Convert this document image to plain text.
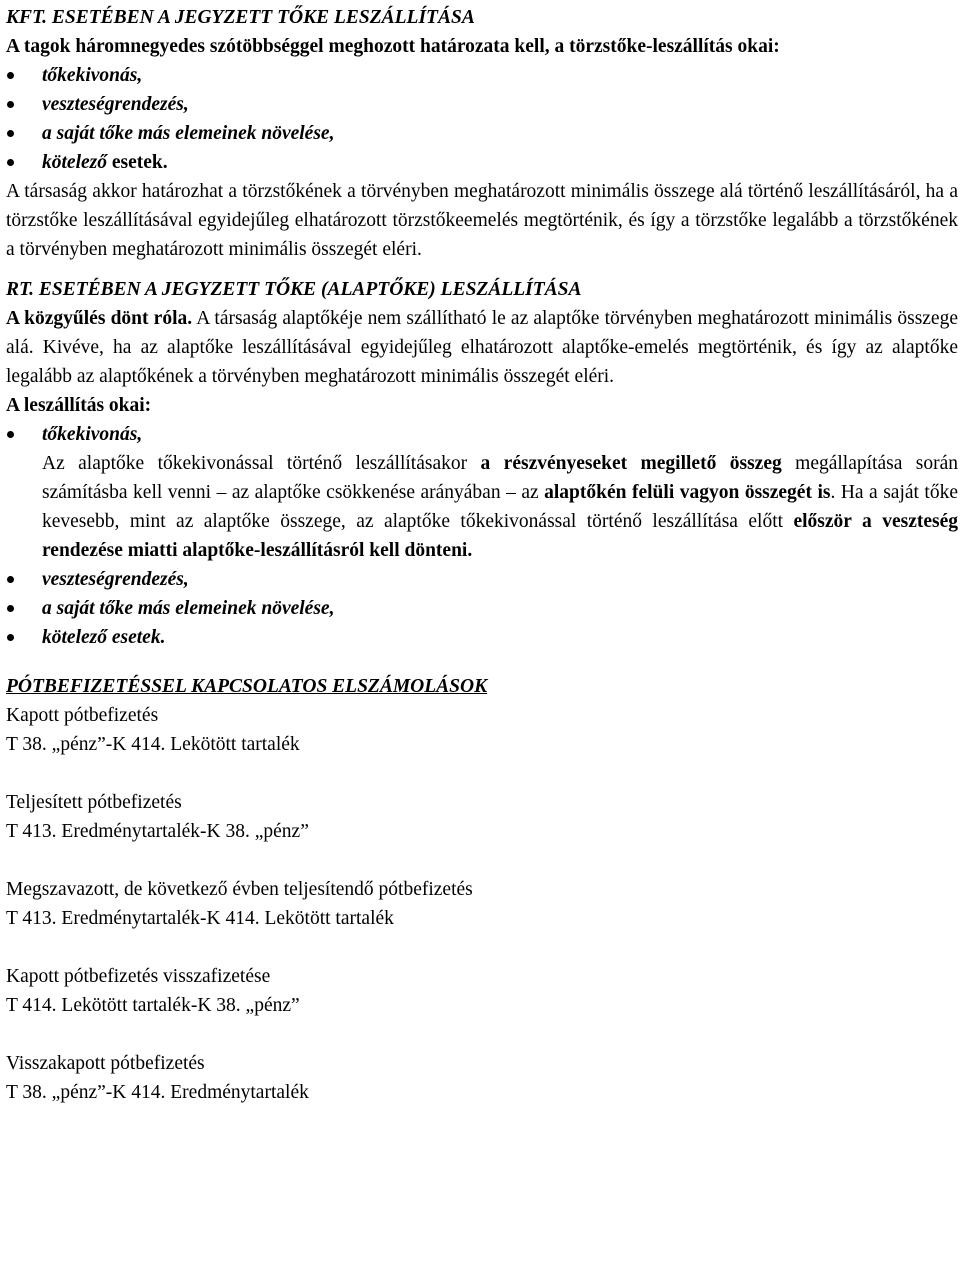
KFT. ESETÉBEN A JEGYZETT TŐKE LESZÁLLÍTÁSA

A tagok háromnegyedes szótöbbséggel meghozott határozata kell, a törzstőke-leszállítás okai:

tőkekivonás,
veszteségrendezés,
a saját tőke más elemeinek növelése,
kötelező esetek.

A társaság akkor határozhat a törzstőkének a törvényben meghatározott minimális összege alá történő leszállításáról, ha a törzstőke leszállításával egyidejűleg elhatározott törzstőkeemelés megtörténik, és így a törzstőke legalább a törzstőkének a törvényben meghatározott minimális összegét eléri.

RT. ESETÉBEN A JEGYZETT TŐKE (ALAPTŐKE) LESZÁLLÍTÁSA

A közgyűlés dönt róla. A társaság alaptőkéje nem szállítható le az alaptőke törvényben meghatározott minimális összege alá. Kivéve, ha az alaptőke leszállításával egyidejűleg elhatározott alaptőke-emelés megtörténik, és így az alaptőke legalább az alaptőkének a törvényben meghatározott minimális összegét eléri.

A leszállítás okai:

tőkekivonás,

Az alaptőke tőkekivonással történő leszállításakor a részvényeseket megillető összeg megállapítása során számításba kell venni – az alaptőke csökkenése arányában – az alaptőkén felüli vagyon összegét is. Ha a saját tőke kevesebb, mint az alaptőke összege, az alaptőke tőkekivonással történő leszállítása előtt először a veszteség rendezése miatti alaptőke-leszállításról kell dönteni.

veszteségrendezés,
a saját tőke más elemeinek növelése,
kötelező esetek.

PÓTBEFIZETÉSSEL KAPCSOLATOS ELSZÁMOLÁSOK

Kapott pótbefizetés

T 38. „pénz”-K 414. Lekötött tartalék

Teljesített pótbefizetés

T 413. Eredménytartalék-K 38. „pénz”

Megszavazott, de következő évben teljesítendő pótbefizetés

T 413. Eredménytartalék-K 414. Lekötött tartalék

Kapott pótbefizetés visszafizetése

T 414. Lekötött tartalék-K 38. „pénz”

Visszakapott pótbefizetés

T 38. „pénz”-K 414. Eredménytartalék
